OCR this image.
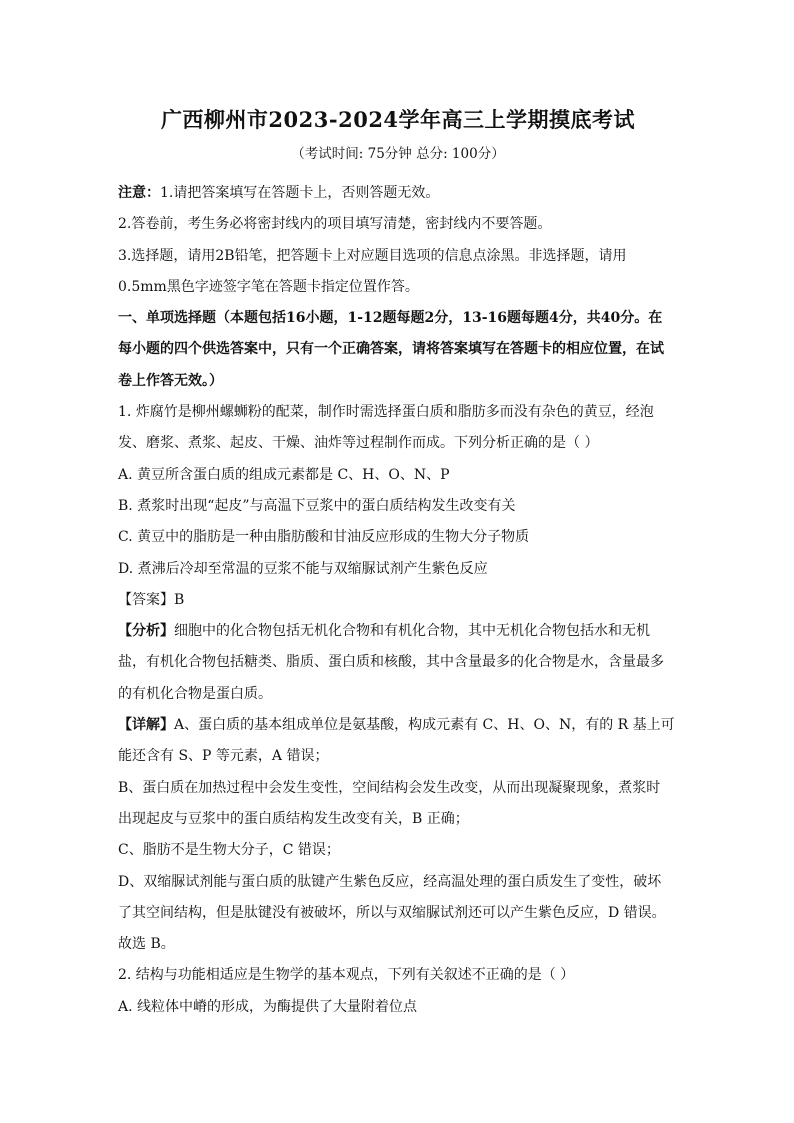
广西柳州市2023-2024学年高三上学期摸底考试
（考试时间: 75分钟 总分: 100分）
注意：1.请把答案填写在答题卡上，否则答题无效。
2.答卷前，考生务必将密封线内的项目填写清楚，密封线内不要答题。
3.选择题，请用2B铅笔，把答题卡上对应题目选项的信息点涂黑。非选择题，请用
0.5mm黑色字迹签字笔在答题卡指定位置作答。
一、单项选择题（本题包括16小题，1-12题每题2分，13-16题每题4分，共40分。在
每小题的四个供选答案中，只有一个正确答案，请将答案填写在答题卡的相应位置，在试
卷上作答无效。）
1. 炸腐竹是柳州螺蛳粉的配菜，制作时需选择蛋白质和脂肪多而没有杂色的黄豆，经泡
发、磨浆、煮浆、起皮、干燥、油炸等过程制作而成。下列分析正确的是（ ）
A. 黄豆所含蛋白质的组成元素都是 C、H、O、N、P
B. 煮浆时出现“起皮”与高温下豆浆中的蛋白质结构发生改变有关
C. 黄豆中的脂肪是一种由脂肪酸和甘油反应形成的生物大分子物质
D. 煮沸后冷却至常温的豆浆不能与双缩脲试剂产生紫色反应
【答案】B
【分析】细胞中的化合物包括无机化合物和有机化合物，其中无机化合物包括水和无机
盐，有机化合物包括糖类、脂质、蛋白质和核酸，其中含量最多的化合物是水，含量最多
的有机化合物是蛋白质。
【详解】A、蛋白质的基本组成单位是氨基酸，构成元素有 C、H、O、N，有的 R 基上可
能还含有 S、P 等元素，A 错误；
B、蛋白质在加热过程中会发生变性，空间结构会发生改变，从而出现凝聚现象，煮浆时
出现起皮与豆浆中的蛋白质结构发生改变有关，B 正确；
C、脂肪不是生物大分子，C 错误；
D、双缩脲试剂能与蛋白质的肽键产生紫色反应，经高温处理的蛋白质发生了变性，破坏
了其空间结构，但是肽键没有被破坏，所以与双缩脲试剂还可以产生紫色反应，D 错误。
故选 B。
2. 结构与功能相适应是生物学的基本观点，下列有关叙述不正确的是（ ）
A. 线粒体中嵴的形成，为酶提供了大量附着位点
